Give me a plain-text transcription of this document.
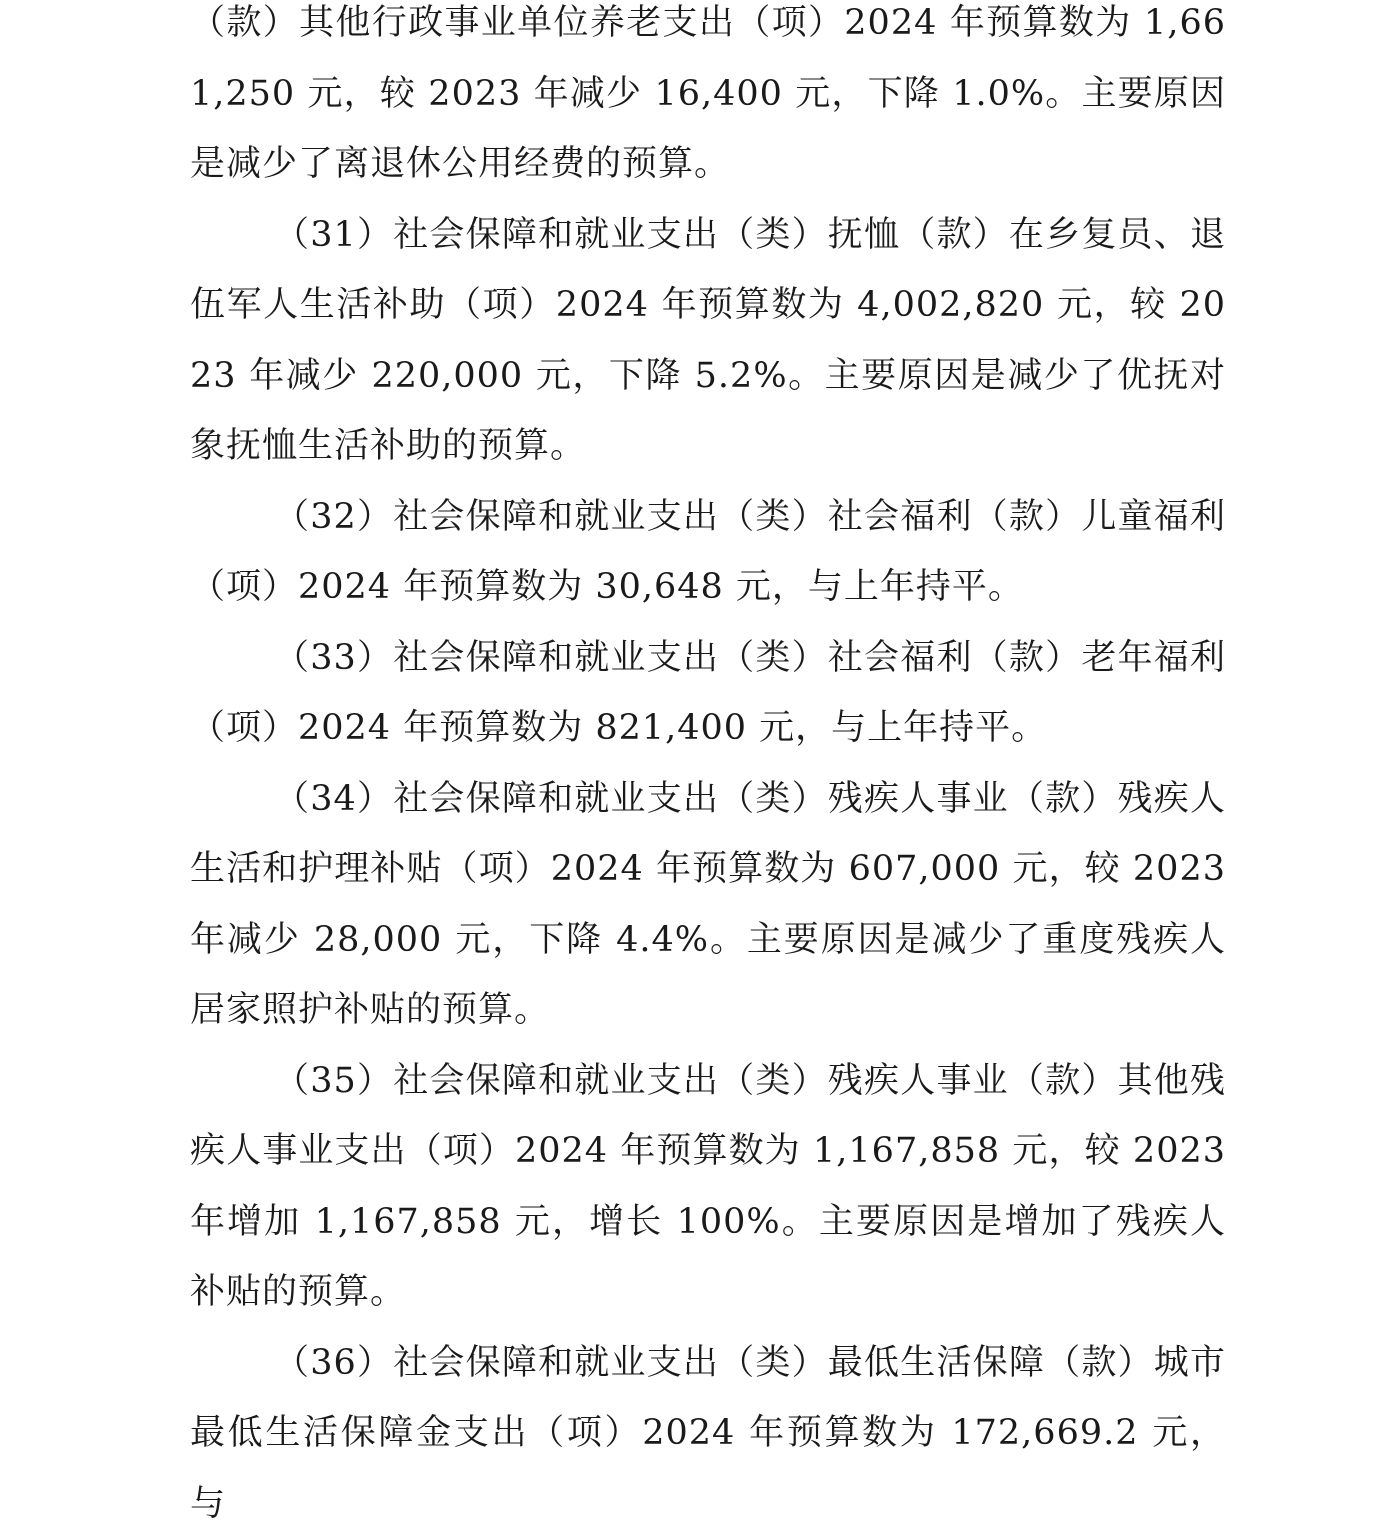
（款）其他行政事业单位养老支出（项）2024 年预算数为 1,661,250 元，较 2023 年减少 16,400 元，下降 1.0%。主要原因是减少了离退休公用经费的预算。

（31）社会保障和就业支出（类）抚恤（款）在乡复员、退伍军人生活补助（项）2024 年预算数为 4,002,820 元，较 2023 年减少 220,000 元，下降 5.2%。主要原因是减少了优抚对象抚恤生活补助的预算。

（32）社会保障和就业支出（类）社会福利（款）儿童福利（项）2024 年预算数为 30,648 元，与上年持平。

（33）社会保障和就业支出（类）社会福利（款）老年福利（项）2024 年预算数为 821,400 元，与上年持平。

（34）社会保障和就业支出（类）残疾人事业（款）残疾人生活和护理补贴（项）2024 年预算数为 607,000 元，较 2023 年减少 28,000 元，下降 4.4%。主要原因是减少了重度残疾人居家照护补贴的预算。

（35）社会保障和就业支出（类）残疾人事业（款）其他残疾人事业支出（项）2024 年预算数为 1,167,858 元，较 2023 年增加 1,167,858 元，增长 100%。主要原因是增加了残疾人补贴的预算。

（36）社会保障和就业支出（类）最低生活保障（款）城市最低生活保障金支出（项）2024 年预算数为 172,669.2 元，与
